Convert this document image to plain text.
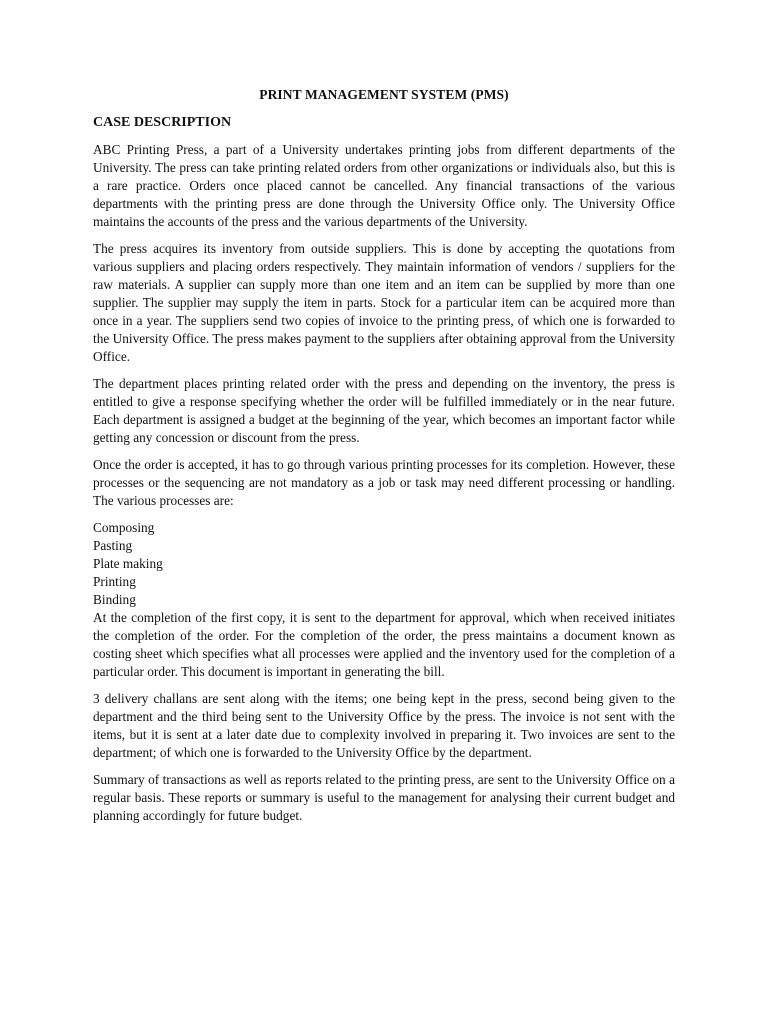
PRINT MANAGEMENT SYSTEM (PMS)
CASE DESCRIPTION

ABC Printing Press, a part of a University undertakes printing jobs from different departments of the University. The press can take printing related orders from other organizations or individuals also, but this is a rare practice. Orders once placed cannot be cancelled. Any financial transactions of the various departments with the printing press are done through the University Office only. The University Office maintains the accounts of the press and the various departments of the University.

The press acquires its inventory from outside suppliers. This is done by accepting the quotations from various suppliers and placing orders respectively. They maintain information of vendors / suppliers for the raw materials. A supplier can supply more than one item and an item can be supplied by more than one supplier. The supplier may supply the item in parts. Stock for a particular item can be acquired more than once in a year. The suppliers send two copies of invoice to the printing press, of which one is forwarded to the University Office. The press makes payment to the suppliers after obtaining approval from the University Office.

The department places printing related order with the press and depending on the inventory, the press is entitled to give a response specifying whether the order will be fulfilled immediately or in the near future. Each department is assigned a budget at the beginning of the year, which becomes an important factor while getting any concession or discount from the press.

Once the order is accepted, it has to go through various printing processes for its completion. However, these processes or the sequencing are not mandatory as a job or task may need different processing or handling. The various processes are:

Composing
Pasting
Plate making
Printing
Binding

At the completion of the first copy, it is sent to the department for approval, which when received initiates the completion of the order. For the completion of the order, the press maintains a document known as costing sheet which specifies what all processes were applied and the inventory used for the completion of a particular order. This document is important in generating the bill.

3 delivery challans are sent along with the items; one being kept in the press, second being given to the department and the third being sent to the University Office by the press. The invoice is not sent with the items, but it is sent at a later date due to complexity involved in preparing it. Two invoices are sent to the department; of which one is forwarded to the University Office by the department.

Summary of transactions as well as reports related to the printing press, are sent to the University Office on a regular basis. These reports or summary is useful to the management for analysing their current budget and planning accordingly for future budget.
